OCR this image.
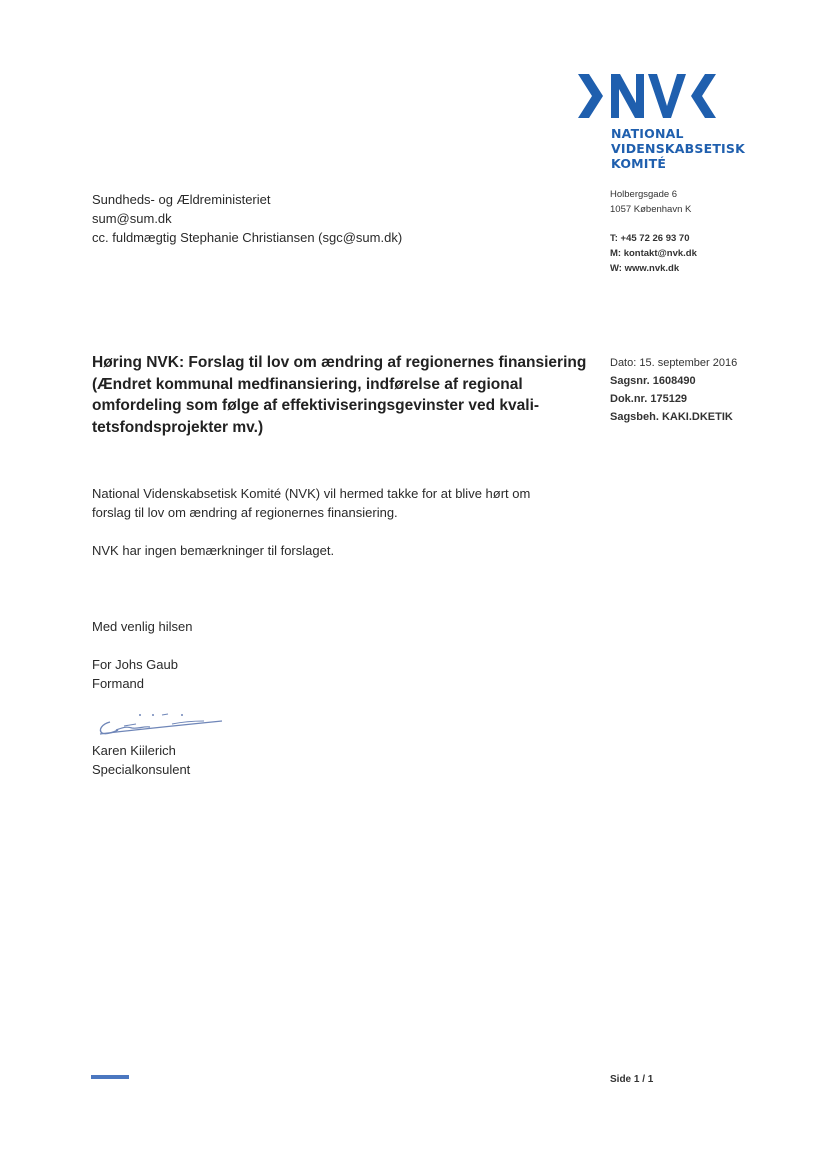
NATIONAL
VIDENSKABSETISK
KOMITÉ
Holbergsgade 6
1057 København K
T: +45 72 26 93 70
M: kontakt@nvk.dk
W: www.nvk.dk
Sundheds- og Ældreministeriet
sum@sum.dk
cc. fuldmægtig Stephanie Christiansen (sgc@sum.dk)
Høring NVK: Forslag til lov om ændring af regionernes finansiering
(Ændret kommunal medfinansiering, indførelse af regional
omfordeling som følge af effektiviseringsgevinster ved kvali-
tetsfondsprojekter mv.)
Dato: 15. september 2016
Sagsnr. 1608490
Dok.nr. 175129
Sagsbeh. KAKI.DKETIK
National Videnskabsetisk Komité (NVK) vil hermed takke for at blive hørt om
forslag til lov om ændring af regionernes finansiering.
NVK har ingen bemærkninger til forslaget.
Med venlig hilsen
For Johs Gaub
Formand
Karen Kiilerich
Specialkonsulent
Side 1 / 1
